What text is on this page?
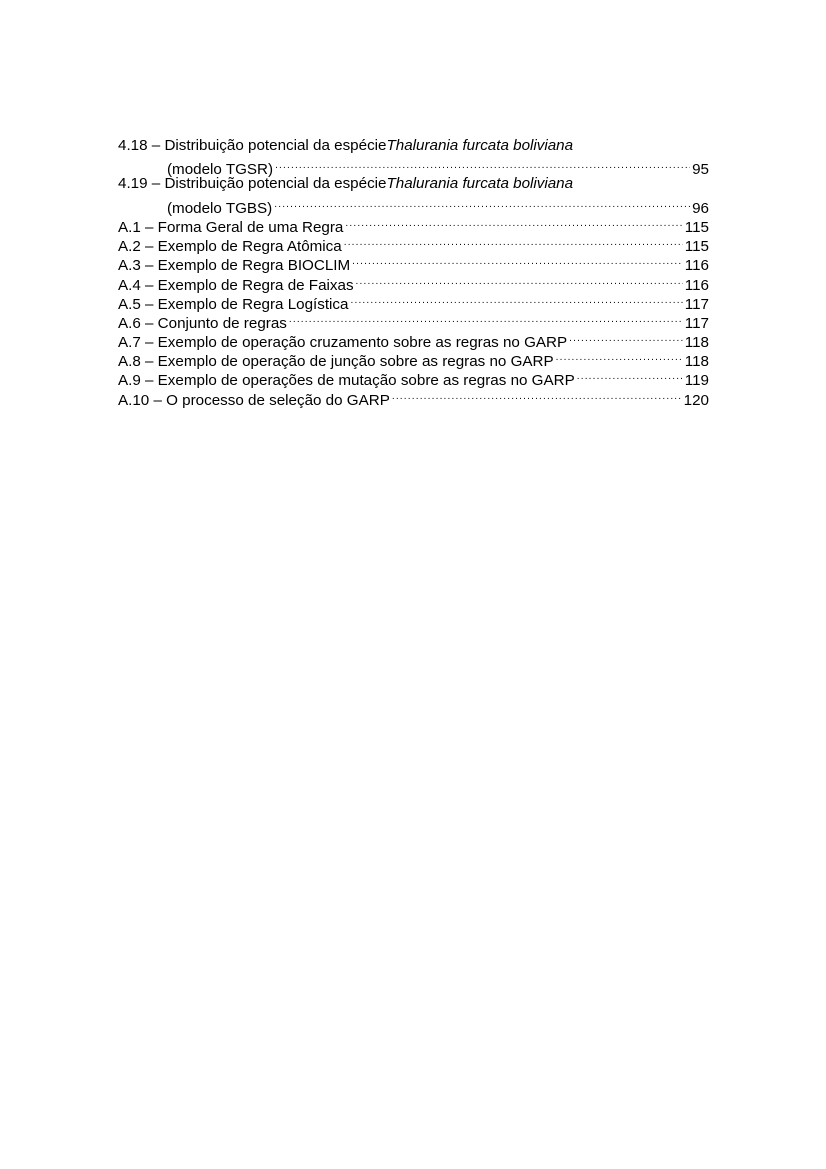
4.18 – Distribuição potencial da espécie Thalurania furcata boliviana
(modelo TGSR) .....	95
4.19 – Distribuição potencial da espécie Thalurania furcata boliviana
(modelo TGBS) .....	96
A.1 – Forma Geral de uma Regra .....	115
A.2 – Exemplo de Regra Atômica .....	115
A.3 – Exemplo de Regra BIOCLIM .....	116
A.4 – Exemplo de Regra de Faixas .....	116
A.5 – Exemplo de Regra Logística .....	117
A.6 – Conjunto de regras .....	117
A.7 – Exemplo de operação cruzamento sobre as regras no GARP .....	118
A.8 – Exemplo de operação de junção sobre as regras no GARP .....	118
A.9 – Exemplo de operações de mutação sobre as regras no GARP .....	119
A.10 – O processo de seleção do GARP .....	120
